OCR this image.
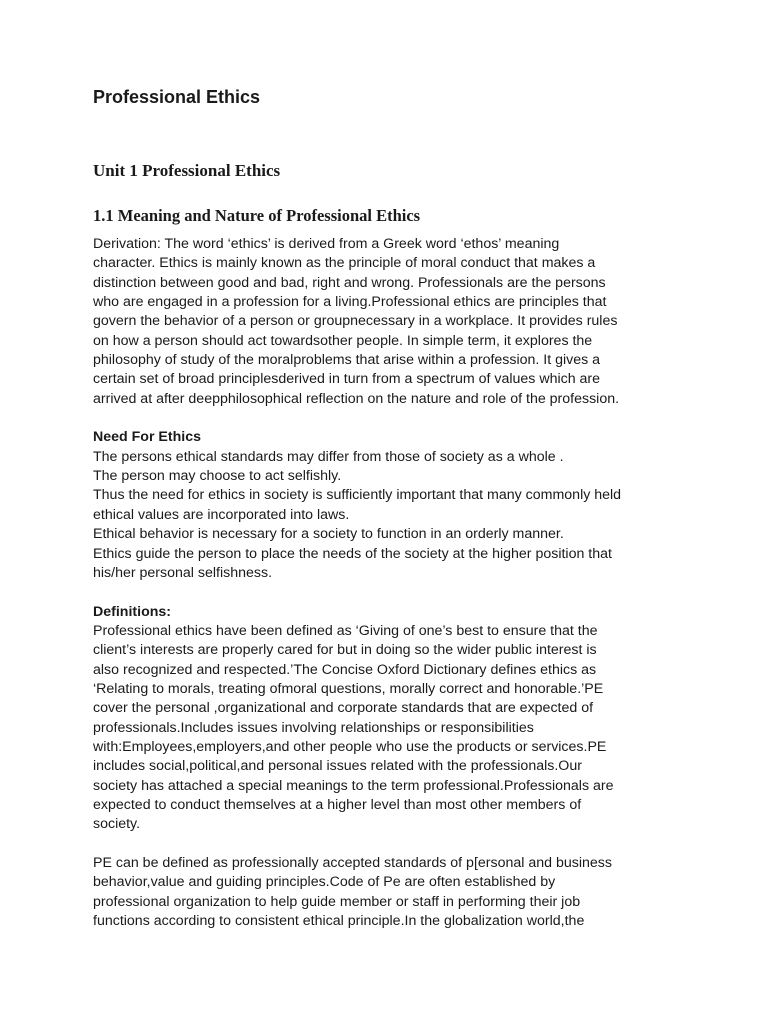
Professional Ethics
Unit 1 Professional Ethics
1.1 Meaning and Nature of Professional Ethics
Derivation: The word ‘ethics’ is derived from a Greek word ‘ethos’ meaning
character. Ethics is mainly known as the principle of moral conduct that makes a
distinction between good and bad, right and wrong. Professionals are the persons
who are engaged in a profession for a living.Professional ethics are principles that
govern the behavior of a person or groupnecessary in a workplace. It provides rules
on how a person should act towardsother people. In simple term, it explores the
philosophy of study of the moralproblems that arise within a profession. It gives a
certain set of broad principlesderived in turn from a spectrum of values which are
arrived at after deepphilosophical reflection on the nature and role of the profession.
Need For Ethics
The persons ethical standards may differ from those of society as a whole .
The person may choose to act selfishly.
Thus the need for ethics in society is sufficiently important that many commonly held
ethical values are incorporated into laws.
Ethical behavior is necessary for a society to function in an orderly manner.
Ethics guide the person to place the needs of the society at the higher position that
his/her personal selfishness.
Definitions:
Professional ethics have been defined as ‘Giving of one’s best to ensure that the
client’s interests are properly cared for but in doing so the wider public interest is
also recognized and respected.’The Concise Oxford Dictionary defines ethics as
‘Relating to morals, treating ofmoral questions, morally correct and honorable.’PE
cover the personal ,organizational and corporate standards that are expected of
professionals.Includes issues involving relationships or responsibilities
with:Employees,employers,and other people who use the products or services.PE
includes social,political,and personal issues related with the professionals.Our
society has attached a special meanings to the term professional.Professionals are
expected to conduct themselves at a higher level than most other members of
society.
PE can be defined as professionally accepted standards of p[ersonal and business
behavior,value and guiding principles.Code of Pe are often established by
professional organization to help guide member or staff in performing their job
functions according to consistent ethical principle.In the globalization world,the
